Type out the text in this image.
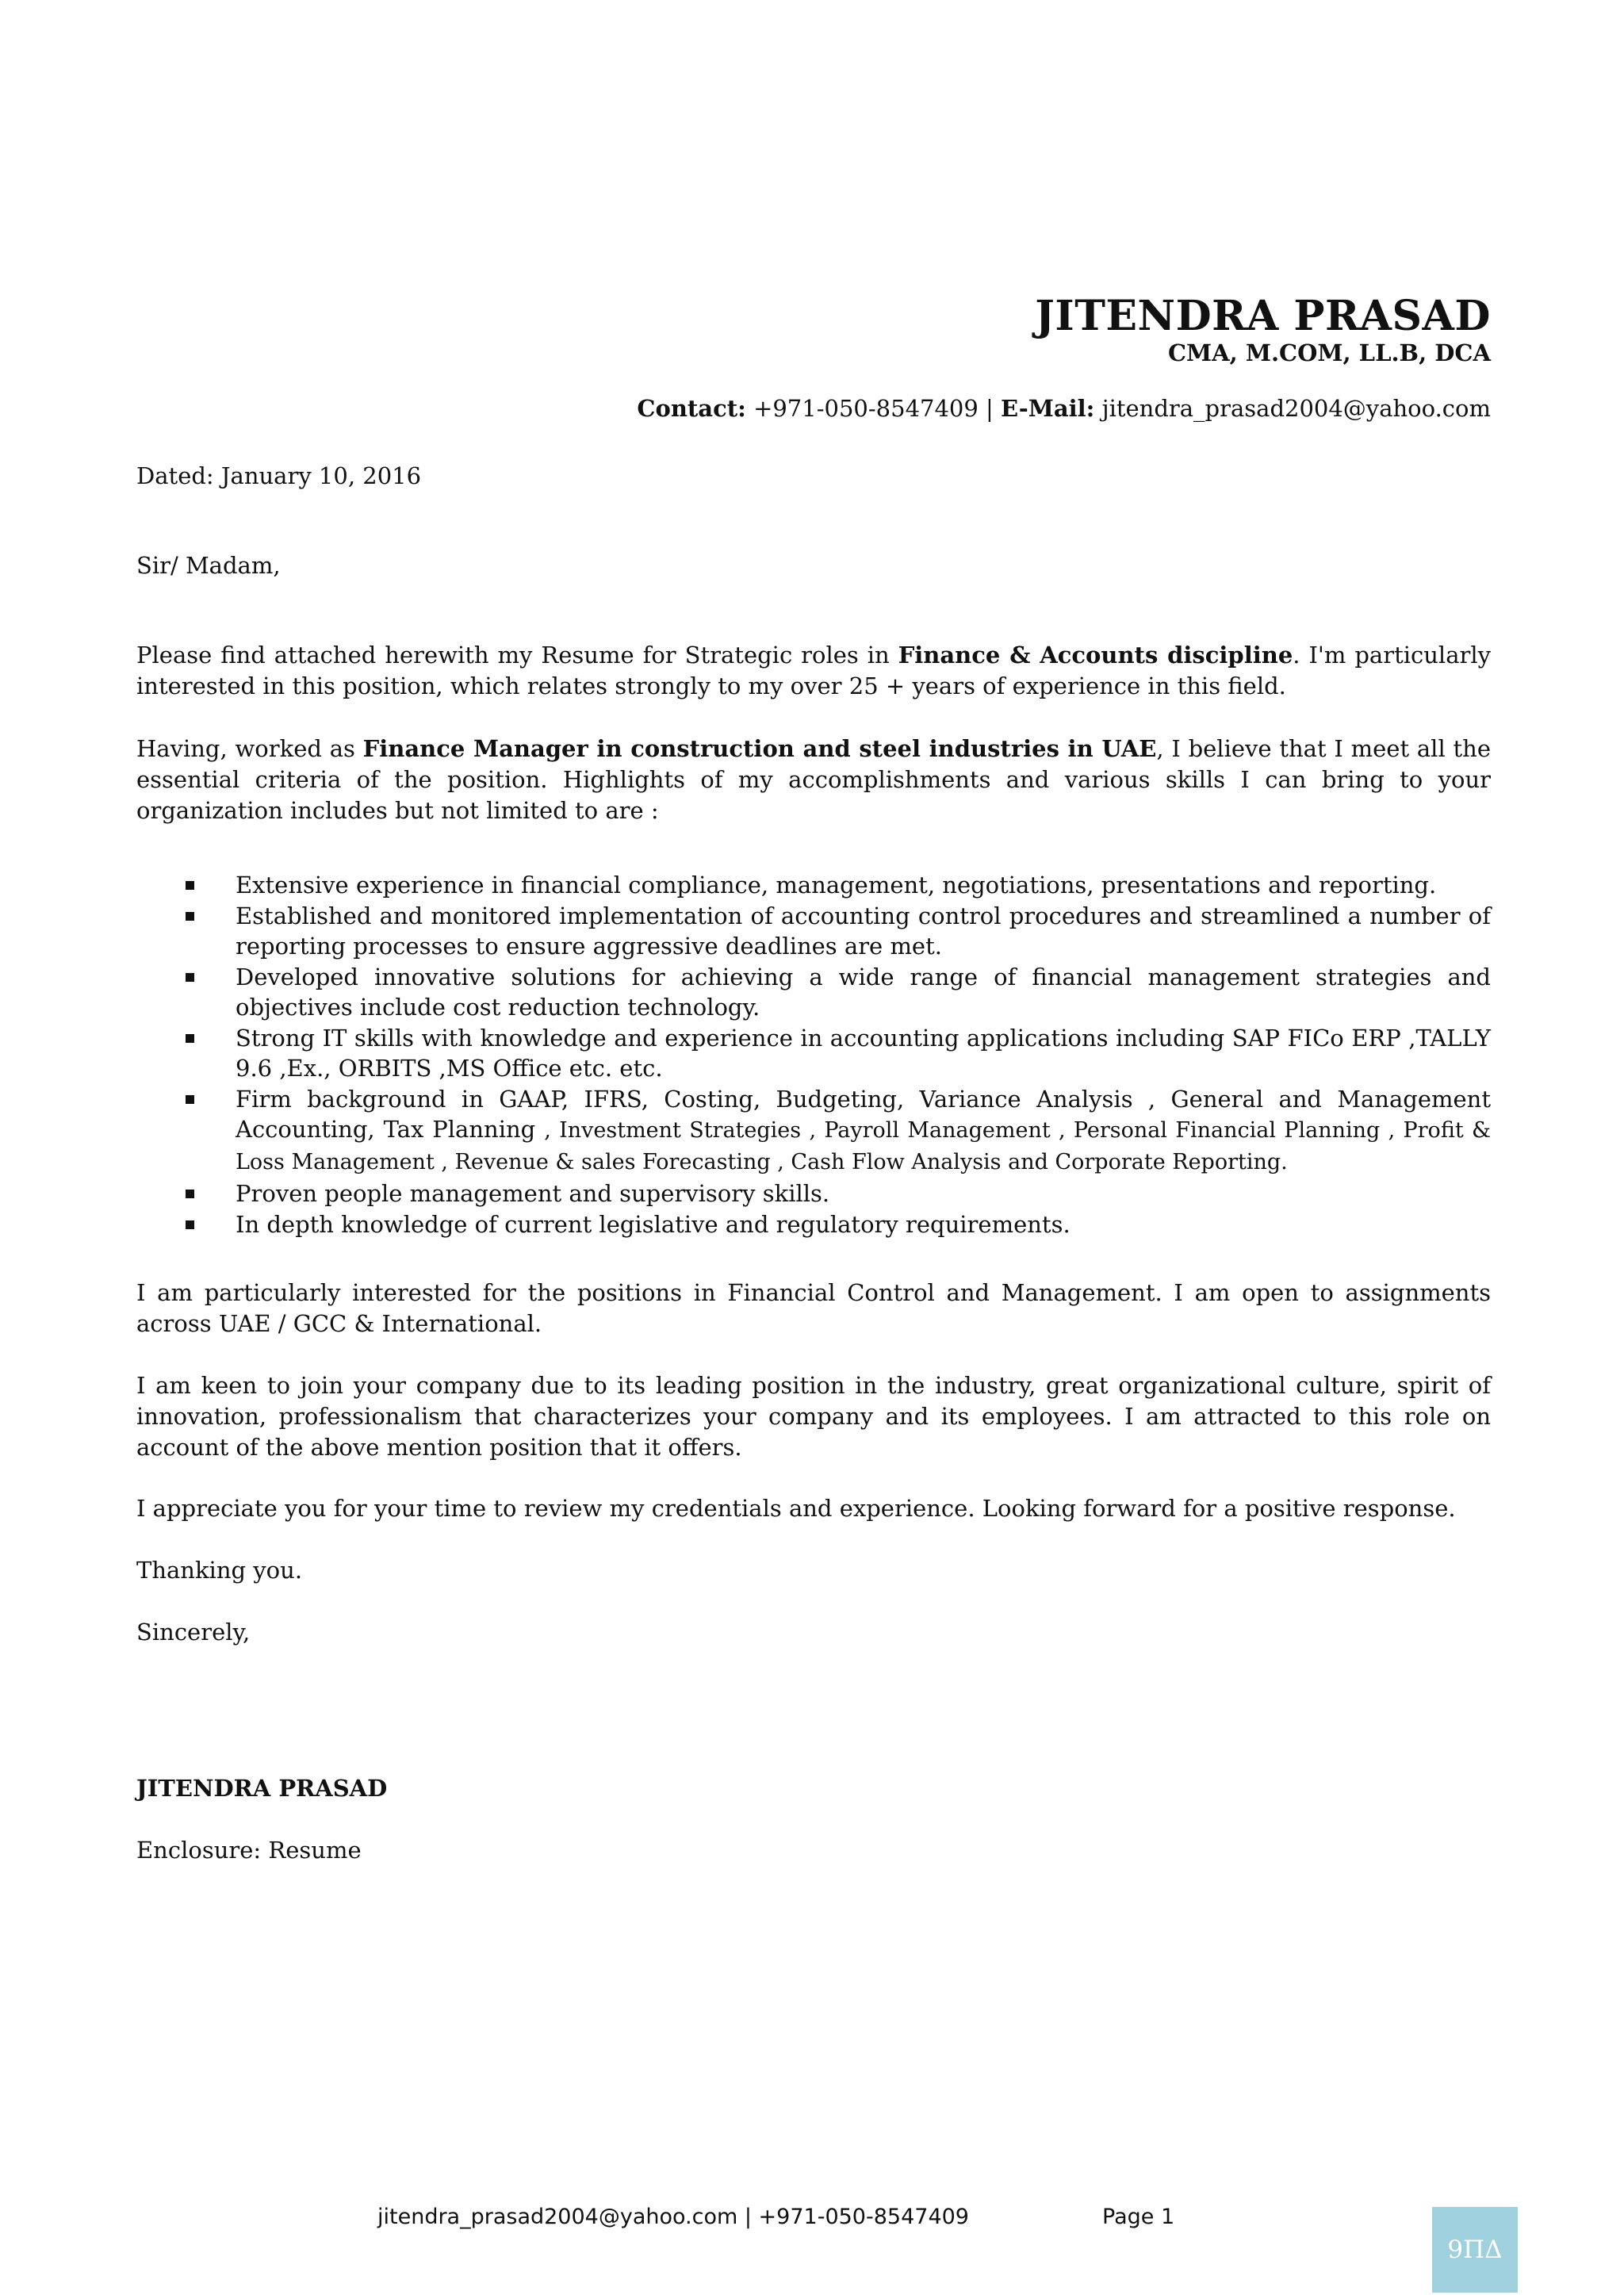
JITENDRA PRASAD
CMA, M.COM, LL.B, DCA
Contact: +971-050-8547409 | E-Mail: jitendra_prasad2004@yahoo.com

Dated: January 10, 2016

Sir/ Madam,

Please find attached herewith my Resume for Strategic roles in Finance & Accounts discipline. I'm particularly interested in this position, which relates strongly to my over 25 + years of experience in this field.

Having, worked as Finance Manager in construction and steel industries in UAE, I believe that I meet all the essential criteria of the position. Highlights of my accomplishments and various skills I can bring to your organization includes but not limited to are :

Extensive experience in financial compliance, management, negotiations, presentations and reporting.
Established and monitored implementation of accounting control procedures and streamlined a number of reporting processes to ensure aggressive deadlines are met.
Developed innovative solutions for achieving a wide range of financial management strategies and objectives include cost reduction technology.
Strong IT skills with knowledge and experience in accounting applications including SAP FICo ERP ,TALLY 9.6 ,Ex., ORBITS ,MS Office etc. etc.
Firm background in GAAP, IFRS, Costing, Budgeting, Variance Analysis , General and Management Accounting, Tax Planning , Investment Strategies , Payroll Management , Personal Financial Planning , Profit & Loss Management , Revenue & sales Forecasting , Cash Flow Analysis and Corporate Reporting.
Proven people management and supervisory skills.
In depth knowledge of current legislative and regulatory requirements.

I am particularly interested for the positions in Financial Control and Management. I am open to assignments across UAE / GCC & International.

I am keen to join your company due to its leading position in the industry, great organizational culture, spirit of innovation, professionalism that characterizes your company and its employees. I am attracted to this role on account of the above mention position that it offers.

I appreciate you for your time to review my credentials and experience. Looking forward for a positive response.

Thanking you.

Sincerely,

JITENDRA PRASAD

Enclosure: Resume

jitendra_prasad2004@yahoo.com | +971-050-8547409	Page 1
9ΠΔ
